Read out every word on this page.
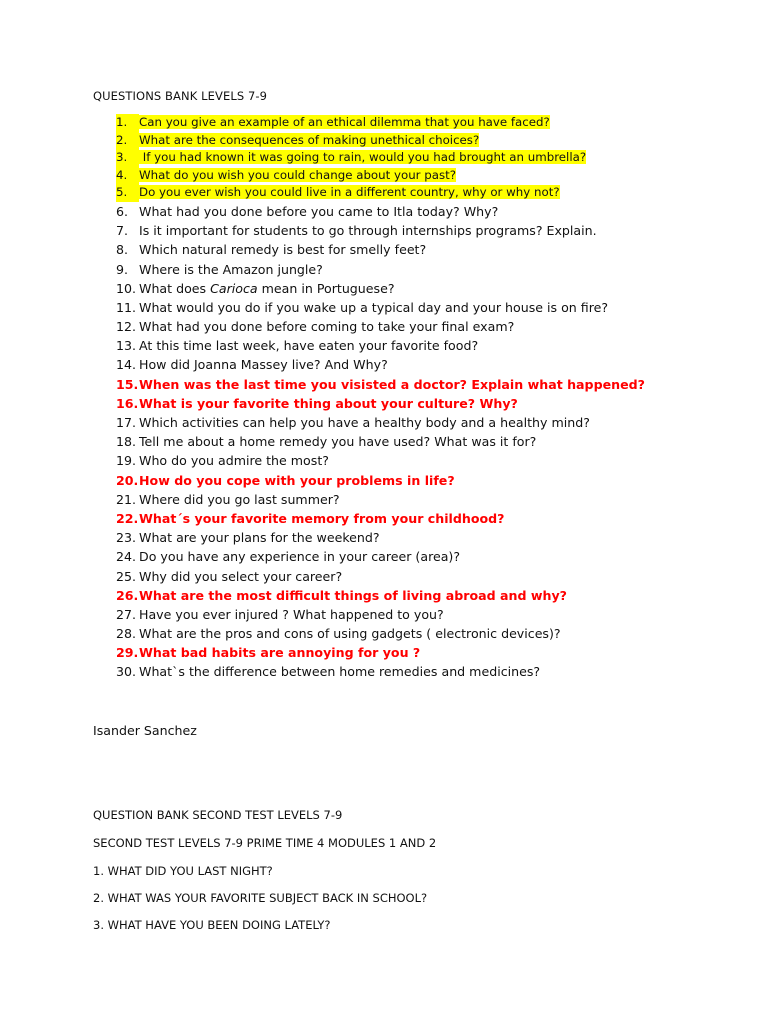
QUESTIONS BANK LEVELS 7-9
1. Can you give an example of an ethical dilemma that you have faced?
2. What are the consequences of making unethical choices?
3. If you had known it was going to rain, would you had brought an umbrella?
4. What do you wish you could change about your past?
5. Do you ever wish you could live in a different country, why or why not?
6. What had you done before you came to Itla today? Why?
7. Is it important for students to go through internships programs? Explain.
8. Which natural remedy is best for smelly feet?
9. Where is the Amazon jungle?
10. What does Carioca mean in Portuguese?
11. What would you do if you wake up a typical day and your house is on fire?
12. What had you done before coming to take your final exam?
13. At this time last week, have eaten your favorite food?
14. How did Joanna Massey live? And Why?
15.When was the last time you visisted a doctor? Explain what happened?
16.What is your favorite thing about your culture? Why?
17. Which activities can help you have a healthy body and a healthy mind?
18. Tell me about a home remedy you have used? What was it for?
19. Who do you admire the most?
20.How do you cope with your problems in life?
21. Where did you go last summer?
22.What´s your favorite memory from your childhood?
23. What are your plans for the weekend?
24. Do you have any experience in your career (area)?
25. Why did you select your career?
26.What are the most difficult things of living abroad and why?
27. Have you ever injured ? What happened to you?
28. What are the pros and cons of using gadgets ( electronic devices)?
29.What bad habits are annoying for you ?
30. What`s the difference between home remedies and medicines?
Isander Sanchez
QUESTION BANK SECOND TEST LEVELS 7-9
SECOND TEST LEVELS 7-9 PRIME TIME 4 MODULES 1 AND 2
1. WHAT DID YOU LAST NIGHT?
2. WHAT WAS YOUR FAVORITE SUBJECT BACK IN SCHOOL?
3. WHAT HAVE YOU BEEN DOING LATELY?
